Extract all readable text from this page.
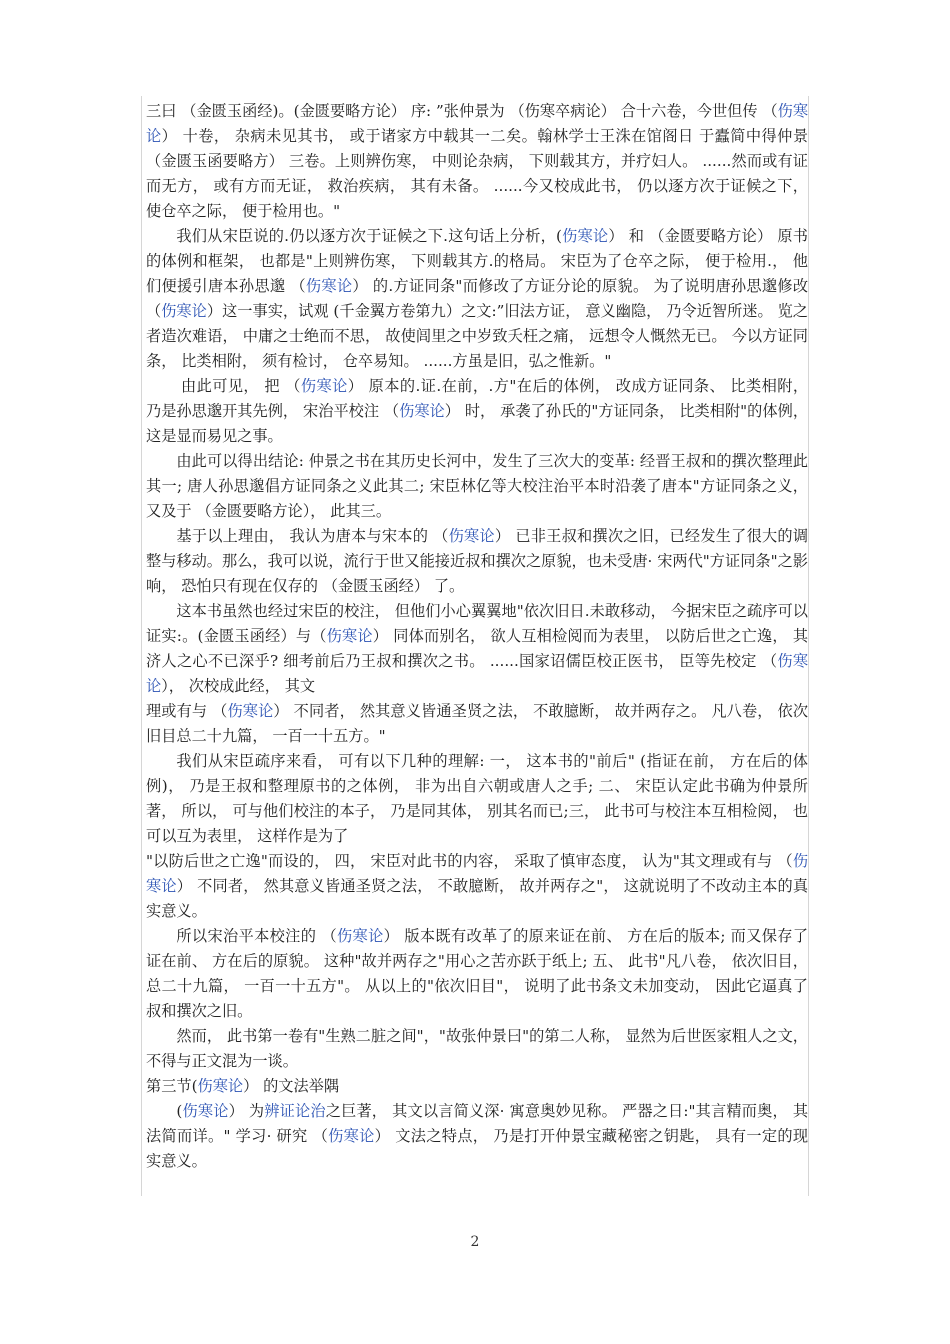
三曰 （金匮玉函经)。(金匮要略方论） 序: ”张仲景为 （伤寒卒病论） 合十六卷，今世但传 （伤寒论） 十卷， 杂病未见其书， 或于诸家方中载其一二矣。翰林学士王洙在馆阁日 于蠹简中得仲景 （金匮玉函要略方） 三卷。上则辨伤寒， 中则论杂病， 下则载其方，并疗妇人。 ......然而或有证而无方， 或有方而无证， 救治疾病， 其有未备。 ......今又校成此书， 仍以逐方次于证候之下， 使仓卒之际， 便于检用也。"

我们从宋臣说的.仍以逐方次于证候之下.这句话上分析，(伤寒论） 和 （金匮要略方论） 原书的体例和框架， 也都是"上则辨伤寒， 下则载其方.的格局。 宋臣为了仓卒之际， 便于检用.， 他们便援引唐本孙思邈 （伤寒论） 的.方证同条"而修改了方证分论的原貌。 为了说明唐孙思邈修改（伤寒论）这一事实，试观 (千金翼方卷第九）之文:”旧法方证， 意义幽隐， 乃令近智所迷。 览之者造次难语， 中庸之士绝而不思， 故使闾里之中岁致夭枉之痛， 远想令人慨然无已。 今以方证同条， 比类相附， 须有检讨， 仓卒易知。 ......方虽是旧，弘之惟新。"

由此可见， 把 （伤寒论） 原本的.证.在前，.方"在后的体例， 改成方证同条、 比类相附， 乃是孙思邈开其先例， 宋治平校注 （伤寒论） 时， 承袭了孙氏的"方证同条， 比类相附"的体例，这是显而易见之事。

由此可以得出结论: 仲景之书在其历史长河中，发生了三次大的变革: 经晋王叔和的撰次整理此其一; 唐人孙思邈倡方证同条之义此其二; 宋臣林亿等大校注治平本时沿袭了唐本"方证同条之义， 又及于 （金匮要略方论）， 此其三。

基于以上理由， 我认为唐本与宋本的 （伤寒论） 已非王叔和撰次之旧，已经发生了很大的调整与移动。那么，我可以说，流行于世又能接近叔和撰次之原貌，也未受唐· 宋两代"方证同条"之影响， 恐怕只有现在仅存的 （金匮玉函经） 了。

这本书虽然也经过宋臣的校注， 但他们小心翼翼地"依次旧日.未敢移动， 今据宋臣之疏序可以证实:。(金匮玉函经）与（伤寒论） 同体而别名， 欲人互相检阅而为表里， 以防后世之亡逸， 其济人之心不已深乎? 细考前后乃王叔和撰次之书。 ......国家诏儒臣校正医书， 臣等先校定 （伤寒论）， 次校成此经， 其文

理或有与 （伤寒论） 不同者， 然其意义皆通圣贤之法， 不敢臆断， 故并两存之。 凡八卷， 依次旧目总二十九篇， 一百一十五方。"

我们从宋臣疏序来看， 可有以下几种的理解: 一， 这本书的"前后" (指证在前， 方在后的体例)， 乃是王叔和整理原书的之体例， 非为出自六朝或唐人之手; 二、 宋臣认定此书确为仲景所著， 所以， 可与他们校注的本子， 乃是同其体， 别其名而已;三， 此书可与校注本互相检阅， 也可以互为表里， 这样作是为了

"以防后世之亡逸"而设的， 四， 宋臣对此书的内容， 采取了慎审态度， 认为"其文理或有与 （伤寒论） 不同者， 然其意义皆通圣贤之法， 不敢臆断， 故并两存之"， 这就说明了不改动主本的真实意义。

所以宋治平本校注的 （伤寒论） 版本既有改革了的原来证在前、 方在后的版本; 而又保存了证在前、 方在后的原貌。 这种"故并两存之"用心之苦亦跃于纸上; 五、 此书"凡八卷， 依次旧目，总二十九篇， 一百一十五方"。 从以上的"依次旧目"， 说明了此书条文未加变动， 因此它逼真了叔和撰次之旧。

然而， 此书第一卷有"生熟二脏之间"，"故张仲景曰"的第二人称， 显然为后世医家粗人之文， 不得与正文混为一谈。

第三节(伤寒论） 的文法举隅

(伤寒论） 为辨证论治之巨著， 其文以言简义深· 寓意奥妙见称。 严器之日:"其言精而奥， 其法简而详。" 学习· 研究 （伤寒论） 文法之特点， 乃是打开仲景宝藏秘密之钥匙， 具有一定的现实意义。

2
